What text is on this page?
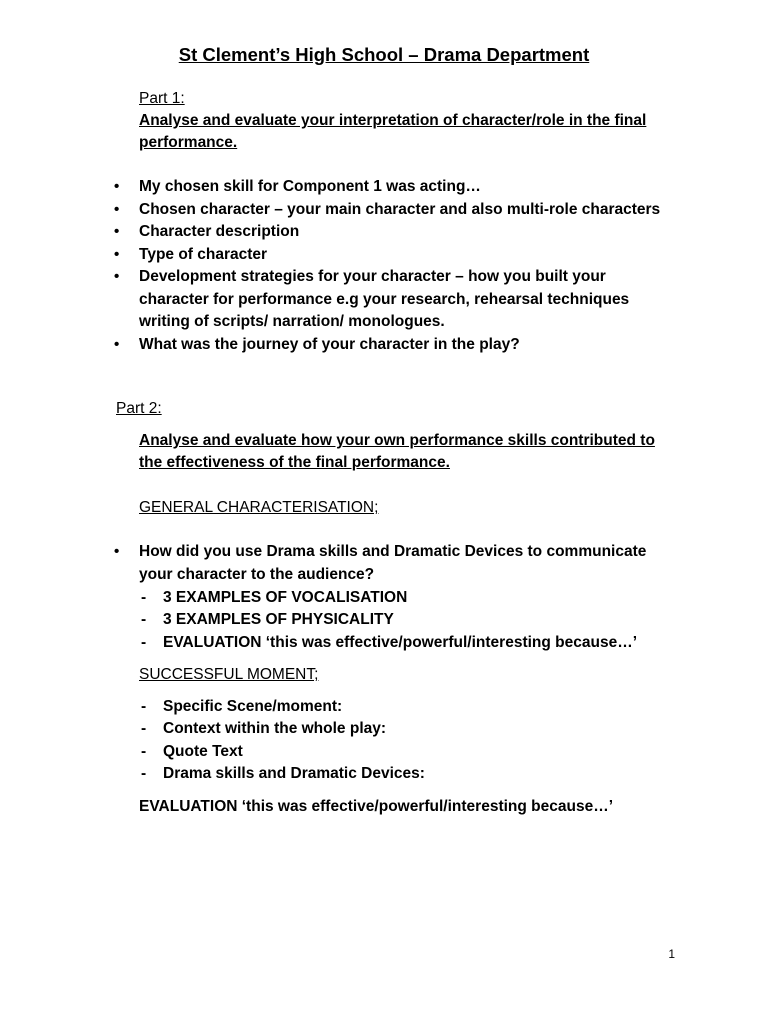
St Clement’s High School – Drama Department
Part 1:
Analyse and evaluate your interpretation of character/role in the final
performance.
• My chosen skill for Component 1 was acting…
• Chosen character – your main character and also multi-role characters
• Character description
• Type of character
• Development strategies for your character – how you built your
character for performance e.g your research, rehearsal techniques
writing of scripts/ narration/ monologues.
• What was the journey of your character in the play?
Part 2:
Analyse and evaluate how your own performance skills contributed to
the effectiveness of the final performance.
GENERAL CHARACTERISATION;
• How did you use Drama skills and Dramatic Devices to communicate
your character to the audience?
- 3 EXAMPLES OF VOCALISATION
- 3 EXAMPLES OF PHYSICALITY
- EVALUATION ‘this was effective/powerful/interesting because…’
SUCCESSFUL MOMENT;
- Specific Scene/moment:
- Context within the whole play:
- Quote Text
- Drama skills and Dramatic Devices:
EVALUATION ‘this was effective/powerful/interesting because…’
1
